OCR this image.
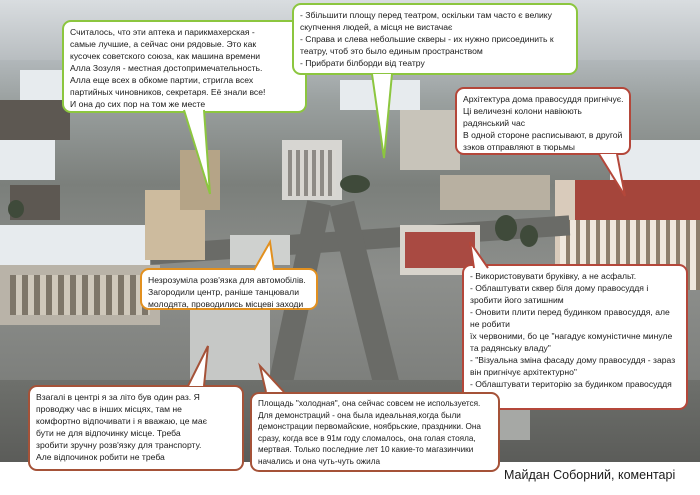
Считалось, что эти аптека и парикмахерская -
самые лучшие, а сейчас они рядовые. Это как
кусочек советского союза, как машина времени
Алла Зозуля - местная достопримечательность.
Алла еще всех в обкоме партии, стригла всех
партийных чиновников, секретаря. Её знали все!
И она до сих пор на том же месте
- Збільшити площу перед театром, оскільки там часто є велику
скупчення людей, а місця не вистачає
- Справа и слева небольшие скверы - их нужно присоединить к
театру, чтоб это было единым пространством
- Прибрати білборди від театру
Архітектура дома правосуддя пригнічує.
Ці величезні колони навіюють
радянський час
В одной стороне расписывают, в другой
зэков отправляют в тюрьмы
Незрозуміла розв'язка для автомобілів.
Загородили центр, раніше танцювали
молодята, проводились місцеві заходи
- Використовувати бруківку, а не асфальт.
- Облаштувати сквер біля дому правосуддя і
зробити його затишним
- Оновити плити перед будинком правосуддя, але
не робити
їх червоними, бо це "нагадує комуністичне минуле
та радянську владу"
- "Візуальна зміна фасаду дому правосуддя - зараз
він пригнічує архітектурно"
- Облаштувати територію за будинком правосуддя
Взагалі в центрі я за літо був один раз. Я
проводжу час в інших місцях, там не
комфортно відпочивати і я вважаю, це має
бути не для відпочинку місце. Треба
зробити зручну розв'язку для транспорту.
Але відпочинок робити не треба
Площадь "холодная", она сейчас совсем не используется.
Для демонстраций - она была идеальная,когда были
демонстрации первомайские, ноябрьские, праздники. Она
сразу, когда все в 91м году сломалось, она голая стояла,
мертвая. Только последние лет 10 какие-то магазинчики
начались и она чуть-чуть ожила
Майдан Соборний, коментарі
